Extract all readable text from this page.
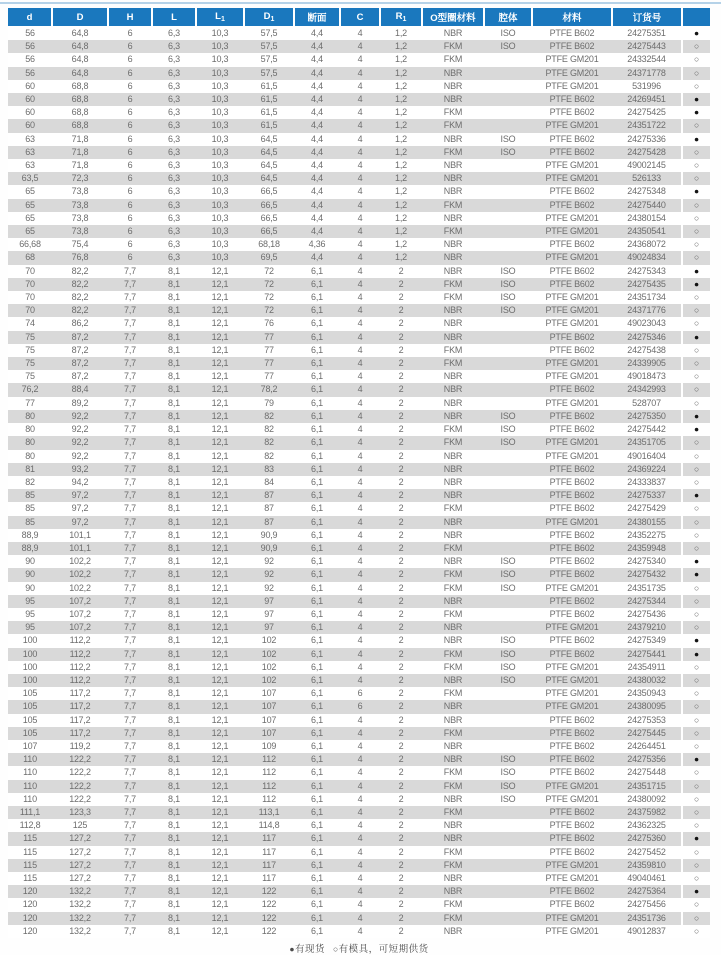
d	D	H	L	$L_1$	$D_1$	断面	C	$R_1$	O型圈材料	腔体	材料	订货号	
56	64,8	6	6,3	10,3	57,5	4,4	4	1,2	NBR	ISO	PTFE B602	24275351	●
56	64,8	6	6,3	10,3	57,5	4,4	4	1,2	FKM	ISO	PTFE B602	24275443	○
56	64,8	6	6,3	10,3	57,5	4,4	4	1,2	FKM		PTFE GM201	24332544	○
56	64,8	6	6,3	10,3	57,5	4,4	4	1,2	NBR		PTFE GM201	24371778	○
60	68,8	6	6,3	10,3	61,5	4,4	4	1,2	NBR		PTFE GM201	531996	○
60	68,8	6	6,3	10,3	61,5	4,4	4	1,2	NBR		PTFE B602	24269451	●
60	68,8	6	6,3	10,3	61,5	4,4	4	1,2	FKM		PTFE B602	24275425	●
60	68,8	6	6,3	10,3	61,5	4,4	4	1,2	FKM		PTFE GM201	24351722	○
63	71,8	6	6,3	10,3	64,5	4,4	4	1,2	NBR	ISO	PTFE B602	24275336	●
63	71,8	6	6,3	10,3	64,5	4,4	4	1,2	FKM	ISO	PTFE B602	24275428	○
63	71,8	6	6,3	10,3	64,5	4,4	4	1,2	NBR		PTFE GM201	49002145	○
63,5	72,3	6	6,3	10,3	64,5	4,4	4	1,2	NBR		PTFE GM201	526133	○
65	73,8	6	6,3	10,3	66,5	4,4	4	1,2	NBR		PTFE B602	24275348	●
65	73,8	6	6,3	10,3	66,5	4,4	4	1,2	FKM		PTFE B602	24275440	○
65	73,8	6	6,3	10,3	66,5	4,4	4	1,2	NBR		PTFE GM201	24380154	○
65	73,8	6	6,3	10,3	66,5	4,4	4	1,2	FKM		PTFE GM201	24350541	○
66,68	75,4	6	6,3	10,3	68,18	4,36	4	1,2	NBR		PTFE B602	24368072	○
68	76,8	6	6,3	10,3	69,5	4,4	4	1,2	NBR		PTFE GM201	49024834	○
70	82,2	7,7	8,1	12,1	72	6,1	4	2	NBR	ISO	PTFE B602	24275343	●
70	82,2	7,7	8,1	12,1	72	6,1	4	2	FKM	ISO	PTFE B602	24275435	●
70	82,2	7,7	8,1	12,1	72	6,1	4	2	FKM	ISO	PTFE GM201	24351734	○
70	82,2	7,7	8,1	12,1	72	6,1	4	2	NBR	ISO	PTFE GM201	24371776	○
74	86,2	7,7	8,1	12,1	76	6,1	4	2	NBR		PTFE GM201	49023043	○
75	87,2	7,7	8,1	12,1	77	6,1	4	2	NBR		PTFE B602	24275346	●
75	87,2	7,7	8,1	12,1	77	6,1	4	2	FKM		PTFE B602	24275438	○
75	87,2	7,7	8,1	12,1	77	6,1	4	2	FKM		PTFE GM201	24339905	○
75	87,2	7,7	8,1	12,1	77	6,1	4	2	NBR		PTFE GM201	49018473	○
76,2	88,4	7,7	8,1	12,1	78,2	6,1	4	2	NBR		PTFE B602	24342993	○
77	89,2	7,7	8,1	12,1	79	6,1	4	2	NBR		PTFE GM201	528707	○
80	92,2	7,7	8,1	12,1	82	6,1	4	2	NBR	ISO	PTFE B602	24275350	●
80	92,2	7,7	8,1	12,1	82	6,1	4	2	FKM	ISO	PTFE B602	24275442	●
80	92,2	7,7	8,1	12,1	82	6,1	4	2	FKM	ISO	PTFE GM201	24351705	○
80	92,2	7,7	8,1	12,1	82	6,1	4	2	NBR		PTFE GM201	49016404	○
81	93,2	7,7	8,1	12,1	83	6,1	4	2	NBR		PTFE B602	24369224	○
82	94,2	7,7	8,1	12,1	84	6,1	4	2	NBR		PTFE B602	24333837	○
85	97,2	7,7	8,1	12,1	87	6,1	4	2	NBR		PTFE B602	24275337	●
85	97,2	7,7	8,1	12,1	87	6,1	4	2	FKM		PTFE B602	24275429	○
85	97,2	7,7	8,1	12,1	87	6,1	4	2	NBR		PTFE GM201	24380155	○
88,9	101,1	7,7	8,1	12,1	90,9	6,1	4	2	NBR		PTFE B602	24352275	○
88,9	101,1	7,7	8,1	12,1	90,9	6,1	4	2	FKM		PTFE B602	24359948	○
90	102,2	7,7	8,1	12,1	92	6,1	4	2	NBR	ISO	PTFE B602	24275340	●
90	102,2	7,7	8,1	12,1	92	6,1	4	2	FKM	ISO	PTFE B602	24275432	●
90	102,2	7,7	8,1	12,1	92	6,1	4	2	FKM	ISO	PTFE GM201	24351735	○
95	107,2	7,7	8,1	12,1	97	6,1	4	2	NBR		PTFE B602	24275344	○
95	107,2	7,7	8,1	12,1	97	6,1	4	2	FKM		PTFE B602	24275436	○
95	107,2	7,7	8,1	12,1	97	6,1	4	2	NBR		PTFE GM201	24379210	○
100	112,2	7,7	8,1	12,1	102	6,1	4	2	NBR	ISO	PTFE B602	24275349	●
100	112,2	7,7	8,1	12,1	102	6,1	4	2	FKM	ISO	PTFE B602	24275441	●
100	112,2	7,7	8,1	12,1	102	6,1	4	2	FKM	ISO	PTFE GM201	24354911	○
100	112,2	7,7	8,1	12,1	102	6,1	4	2	NBR	ISO	PTFE GM201	24380032	○
105	117,2	7,7	8,1	12,1	107	6,1	6	2	FKM		PTFE GM201	24350943	○
105	117,2	7,7	8,1	12,1	107	6,1	6	2	NBR		PTFE GM201	24380095	○
105	117,2	7,7	8,1	12,1	107	6,1	4	2	NBR		PTFE B602	24275353	○
105	117,2	7,7	8,1	12,1	107	6,1	4	2	FKM		PTFE B602	24275445	○
107	119,2	7,7	8,1	12,1	109	6,1	4	2	NBR		PTFE B602	24264451	○
110	122,2	7,7	8,1	12,1	112	6,1	4	2	NBR	ISO	PTFE B602	24275356	●
110	122,2	7,7	8,1	12,1	112	6,1	4	2	FKM	ISO	PTFE B602	24275448	○
110	122,2	7,7	8,1	12,1	112	6,1	4	2	FKM	ISO	PTFE GM201	24351715	○
110	122,2	7,7	8,1	12,1	112	6,1	4	2	NBR	ISO	PTFE GM201	24380092	○
111,1	123,3	7,7	8,1	12,1	113,1	6,1	4	2	FKM		PTFE B602	24375982	○
112,8	125	7,7	8,1	12,1	114,8	6,1	4	2	NBR		PTFE B602	24362325	○
115	127,2	7,7	8,1	12,1	117	6,1	4	2	NBR		PTFE B602	24275360	●
115	127,2	7,7	8,1	12,1	117	6,1	4	2	FKM		PTFE B602	24275452	○
115	127,2	7,7	8,1	12,1	117	6,1	4	2	FKM		PTFE GM201	24359810	○
115	127,2	7,7	8,1	12,1	117	6,1	4	2	NBR		PTFE GM201	49040461	○
120	132,2	7,7	8,1	12,1	122	6,1	4	2	NBR		PTFE B602	24275364	●
120	132,2	7,7	8,1	12,1	122	6,1	4	2	FKM		PTFE B602	24275456	○
120	132,2	7,7	8,1	12,1	122	6,1	4	2	FKM		PTFE GM201	24351736	○
120	132,2	7,7	8,1	12,1	122	6,1	4	2	NBR		PTFE GM201	49012837	○
●有现货 ○有模具，可短期供货
